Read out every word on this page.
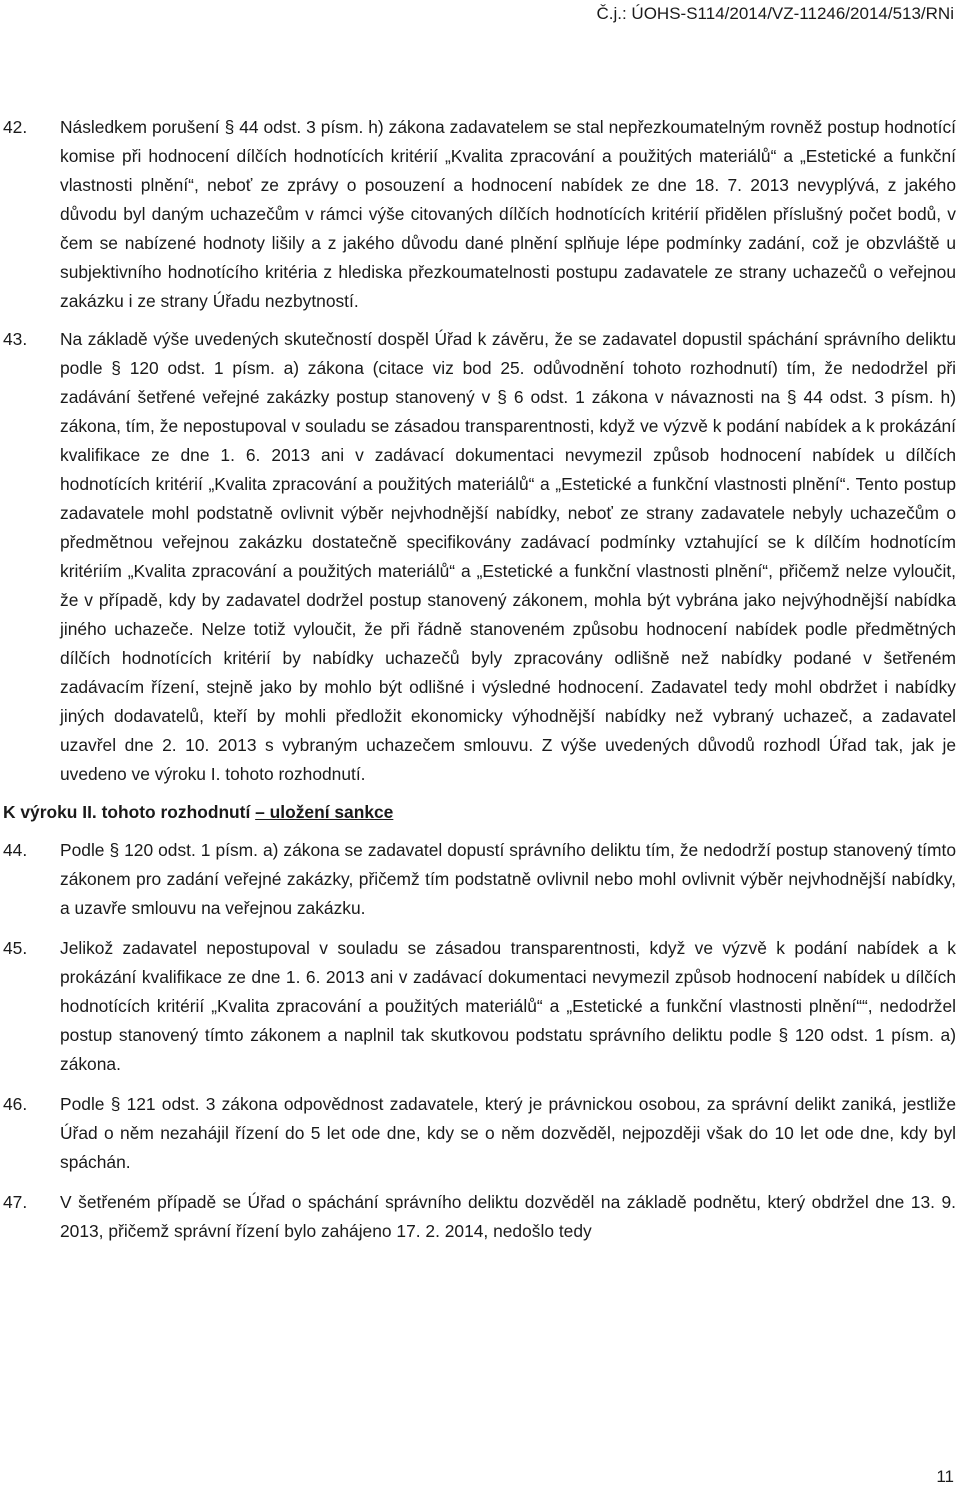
Č.j.: ÚOHS-S114/2014/VZ-11246/2014/513/RNi
42. Následkem porušení § 44 odst. 3 písm. h) zákona zadavatelem se stal nepřezkoumatelným rovněž postup hodnotící komise při hodnocení dílčích hodnotících kritérií „Kvalita zpracování a použitých materiálů“ a „Estetické a funkční vlastnosti plnění“, neboť ze zprávy o posouzení a hodnocení nabídek ze dne 18. 7. 2013 nevyplývá, z jakého důvodu byl daným uchazečům v rámci výše citovaných dílčích hodnotících kritérií přidělen příslušný počet bodů, v čem se nabízené hodnoty lišily a z jakého důvodu dané plnění splňuje lépe podmínky zadání, což je obzvláště u subjektivního hodnotícího kritéria z hlediska přezkoumatelnosti postupu zadavatele ze strany uchazečů o veřejnou zakázku i ze strany Úřadu nezbytností.
43. Na základě výše uvedených skutečností dospěl Úřad k závěru, že se zadavatel dopustil spáchání správního deliktu podle § 120 odst. 1 písm. a) zákona (citace viz bod 25. odůvodnění tohoto rozhodnutí) tím, že nedodržel při zadávání šetřené veřejné zakázky postup stanovený v § 6 odst. 1 zákona v návaznosti na § 44 odst. 3 písm. h) zákona, tím, že nepostupoval v souladu se zásadou transparentnosti, když ve výzvě k podání nabídek a k prokázání kvalifikace ze dne 1. 6. 2013 ani v zadávací dokumentaci nevymezil způsob hodnocení nabídek u dílčích hodnotících kritérií „Kvalita zpracování a použitých materiálů“ a „Estetické a funkční vlastnosti plnění“. Tento postup zadavatele mohl podstatně ovlivnit výběr nejvhodnější nabídky, neboť ze strany zadavatele nebyly uchazečům o předmětnou veřejnou zakázku dostatečně specifikovány zadávací podmínky vztahující se k dílčím hodnotícím kritériím „Kvalita zpracování a použitých materiálů“ a „Estetické a funkční vlastnosti plnění“, přičemž nelze vyloučit, že v případě, kdy by zadavatel dodržel postup stanovený zákonem, mohla být vybrána jako nejvýhodnější nabídka jiného uchazeče. Nelze totiž vyloučit, že při řádně stanoveném způsobu hodnocení nabídek podle předmětných dílčích hodnotících kritérií by nabídky uchazečů byly zpracovány odlišně než nabídky podané v šetřeném zadávacím řízení, stejně jako by mohlo být odlišné i výsledné hodnocení. Zadavatel tedy mohl obdržet i nabídky jiných dodavatelů, kteří by mohli předložit ekonomicky výhodnější nabídky než vybraný uchazeč, a zadavatel uzavřel dne 2. 10. 2013 s vybraným uchazečem smlouvu. Z výše uvedených důvodů rozhodl Úřad tak, jak je uvedeno ve výroku I. tohoto rozhodnutí.
K výroku II. tohoto rozhodnutí – uložení sankce
44. Podle § 120 odst. 1 písm. a) zákona se zadavatel dopustí správního deliktu tím, že nedodrží postup stanovený tímto zákonem pro zadání veřejné zakázky, přičemž tím podstatně ovlivnil nebo mohl ovlivnit výběr nejvhodnější nabídky, a uzavře smlouvu na veřejnou zakázku.
45. Jelikož zadavatel nepostupoval v souladu se zásadou transparentnosti, když ve výzvě k podání nabídek a k prokázání kvalifikace ze dne 1. 6. 2013 ani v zadávací dokumentaci nevymezil způsob hodnocení nabídek u dílčích hodnotících kritérií „Kvalita zpracování a použitých materiálů“ a „Estetické a funkční vlastnosti plnění““, nedodržel postup stanovený tímto zákonem a naplnil tak skutkovou podstatu správního deliktu podle § 120 odst. 1 písm. a) zákona.
46. Podle § 121 odst. 3 zákona odpovědnost zadavatele, který je právnickou osobou, za správní delikt zaniká, jestliže Úřad o něm nezahájil řízení do 5 let ode dne, kdy se o něm dozvěděl, nejpozději však do 10 let ode dne, kdy byl spáchán.
47. V šetřeném případě se Úřad o spáchání správního deliktu dozvěděl na základě podnětu, který obdržel dne 13. 9. 2013, přičemž správní řízení bylo zahájeno 17. 2. 2014, nedošlo tedy
11
